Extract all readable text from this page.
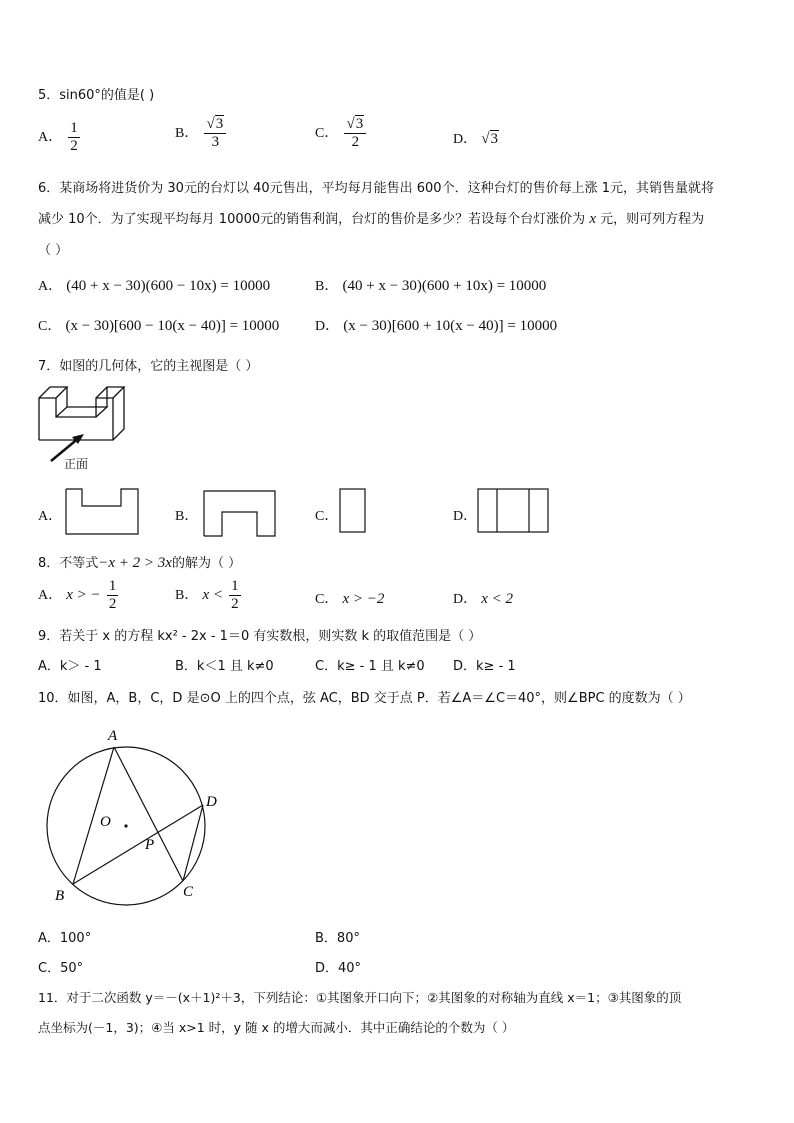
5．sin60°的值是( )
A． $\frac{1}{2}$	B． $\frac{√3}{3}$	C． $\frac{√3}{2}$	D． √3
6．某商场将进货价为 30元的台灯以 40元售出，平均每月能售出 600个．这种台灯的售价每上涨 1元，其销售量就将
减少 10个．为了实现平均每月 10000元的销售利润，台灯的售价是多少？若设每个台灯涨价为 x 元，则可列方程为
（ ）
A． (40 + x − 30)(600 − 10x) = 10000	B． (40 + x − 30)(600 + 10x) = 10000
C． (x − 30)[600 − 10(x − 40)] = 10000	D． (x − 30)[600 + 10(x − 40)] = 10000
7．如图的几何体，它的主视图是（ ）
正面
A．	B．	C．	D．
8．不等式−x + 2 > 3x的解为（ ）
A． x > − $\frac{1}{2}$	B． $x < \frac{1}{2}$	C． x > −2	D． x < 2
9．若关于 x 的方程 kx² - 2x - 1＝0 有实数根，则实数 k 的取值范围是（ ）
A．k＞ - 1	B．k＜1 且 k≠0	C．k≥ - 1 且 k≠0 D．k≥ - 1
10．如图，A，B，C，D 是⊙O 上的四个点，弦 AC，BD 交于点 P．若∠A＝∠C＝40°，则∠BPC 的度数为（ ）
A
B	C
D
O
P
A．100°	B．80°
C．50°	D．40°
11．对于二次函数 y＝－(x＋1)²＋3，下列结论：①其图象开口向下；②其图象的对称轴为直线 x＝1；③其图象的顶
点坐标为(－1，3)；④当 x>1 时，y 随 x 的增大而减小．其中正确结论的个数为（ ）
